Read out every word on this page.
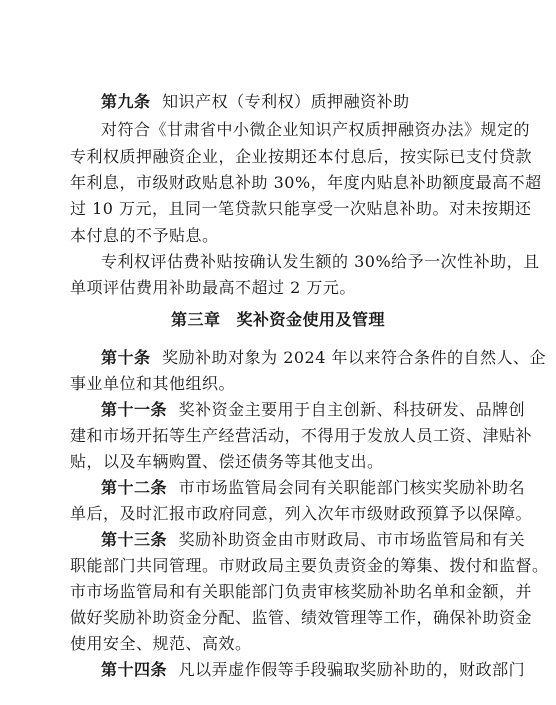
第九条 知识产权（专利权）质押融资补助
对符合《甘肃省中小微企业知识产权质押融资办法》规定的
专利权质押融资企业，企业按期还本付息后，按实际已支付贷款
年利息，市级财政贴息补助 30%，年度内贴息补助额度最高不超
过 10 万元，且同一笔贷款只能享受一次贴息补助。对未按期还
本付息的不予贴息。
专利权评估费补贴按确认发生额的 30%给予一次性补助，且
单项评估费用补助最高不超过 2 万元。
第三章 奖补资金使用及管理
第十条 奖励补助对象为 2024 年以来符合条件的自然人、企
事业单位和其他组织。
第十一条 奖补资金主要用于自主创新、科技研发、品牌创
建和市场开拓等生产经营活动，不得用于发放人员工资、津贴补
贴，以及车辆购置、偿还债务等其他支出。
第十二条 市市场监管局会同有关职能部门核实奖励补助名
单后，及时汇报市政府同意，列入次年市级财政预算予以保障。
第十三条 奖励补助资金由市财政局、市市场监管局和有关
职能部门共同管理。市财政局主要负责资金的筹集、拨付和监督。
市市场监管局和有关职能部门负责审核奖励补助名单和金额，并
做好奖励补助资金分配、监管、绩效管理等工作，确保补助资金
使用安全、规范、高效。
第十四条 凡以弄虚作假等手段骗取奖励补助的，财政部门
